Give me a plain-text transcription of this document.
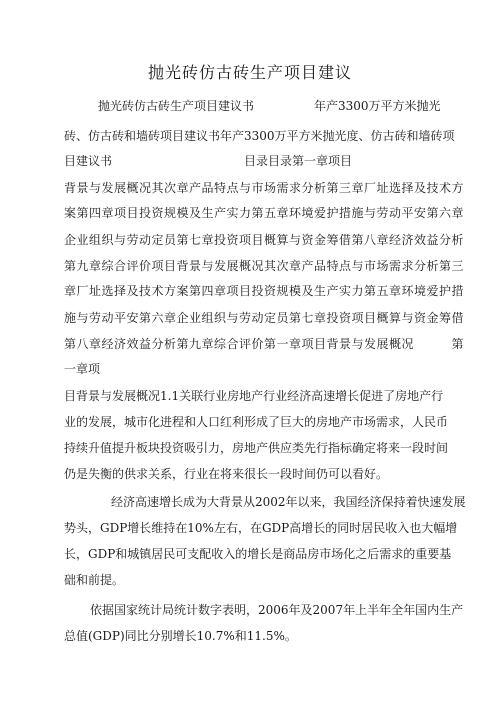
抛光砖仿古砖生产项目建议
抛光砖仿古砖生产项目建议书　　　　　年产3300万平方米抛光
砖、仿古砖和墙砖项目建议书年产3300万平方米抛光度、仿古砖和墙砖项
目建议书　　　　　　　　　　　目录目录第一章项目
背景与发展概况其次章产品特点与市场需求分析第三章厂址选择及技术方
案第四章项目投资规模及生产实力第五章环境爱护措施与劳动平安第六章
企业组织与劳动定员第七章投资项目概算与资金筹借第八章经济效益分析
第九章综合评价项目背景与发展概况其次章产品特点与市场需求分析第三
章厂址选择及技术方案第四章项目投资规模及生产实力第五章环境爱护措
施与劳动平安第六章企业组织与劳动定员第七章投资项目概算与资金筹借
第八章经济效益分析第九章综合评价第一章项目背景与发展概况　　　第
一章项
目背景与发展概况1.1关联行业房地产行业经济高速增长促进了房地产行
业的发展，城市化进程和人口红利形成了巨大的房地产市场需求，人民币
持续升值提升板块投资吸引力，房地产供应类先行指标确定将来一段时间
仍是失衡的供求关系，行业在将来很长一段时间仍可以看好。
经济高速增长成为大背景从2002年以来，我国经济保持着快速发展
势头，GDP增长维持在10%左右，在GDP高增长的同时居民收入也大幅增
长，GDP和城镇居民可支配收入的增长是商品房市场化之后需求的重要基
础和前提。
依据国家统计局统计数字表明，2006年及2007年上半年全年国内生产
总值(GDP)同比分别增长10.7%和11.5%。
